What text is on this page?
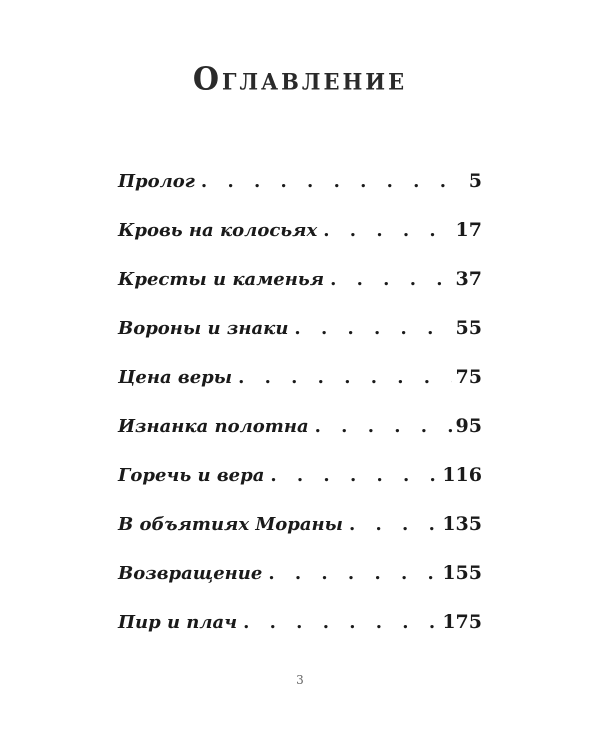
Оглавление
Пролог . . .	5
Кровь на колосьях . . .	17
Кресты и каменья . . .	37
Вороны и знаки . . .	55
Цена веры . . .	75
Изнанка полотна . . .	95
Горечь и вера . . .	116
В объятиях Мораны . . .	135
Возвращение . . .	155
Пир и плач . . .	175
3
